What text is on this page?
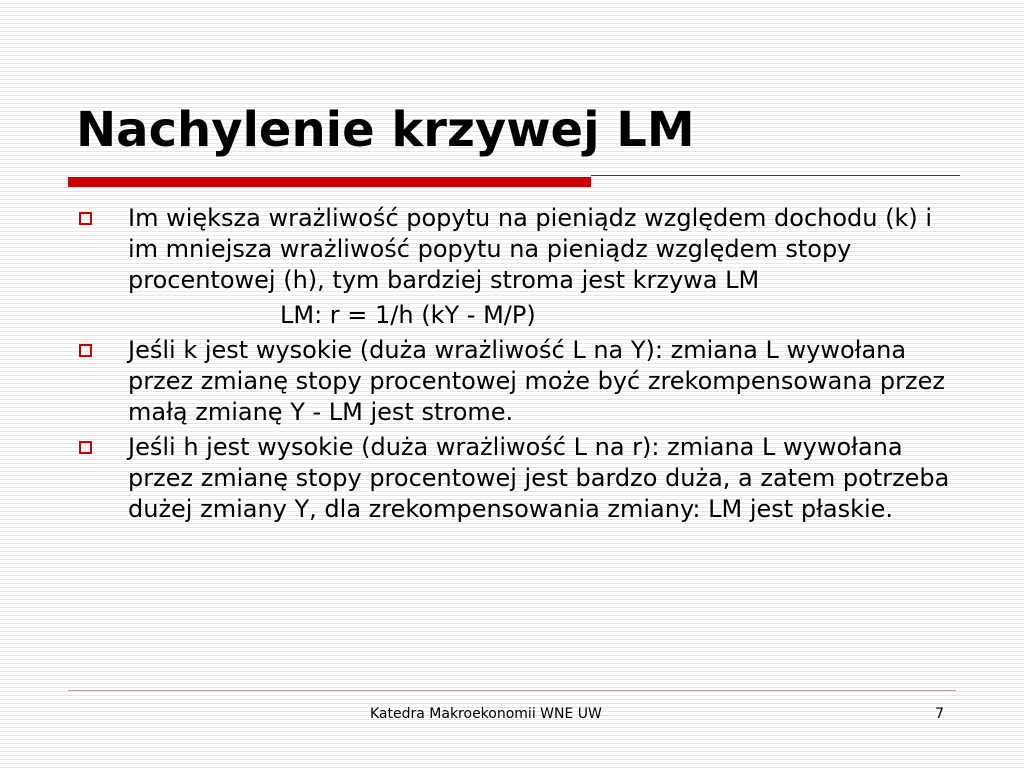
Nachylenie krzywej LM
Im większa wrażliwość popytu na pieniądz względem dochodu (k) i im mniejsza wrażliwość popytu na pieniądz względem stopy procentowej (h), tym bardziej stroma jest krzywa LM
LM: r = 1/h (kY - M/P)
Jeśli k jest wysokie (duża wrażliwość L na Y): zmiana L wywołana przez zmianę stopy procentowej może być zrekompensowana przez małą zmianę Y - LM jest strome.
Jeśli h jest wysokie (duża wrażliwość L na r): zmiana L wywołana przez zmianę stopy procentowej jest bardzo duża, a zatem potrzeba dużej zmiany Y, dla zrekompensowania zmiany: LM jest płaskie.
Katedra Makroekonomii WNE UW	7
